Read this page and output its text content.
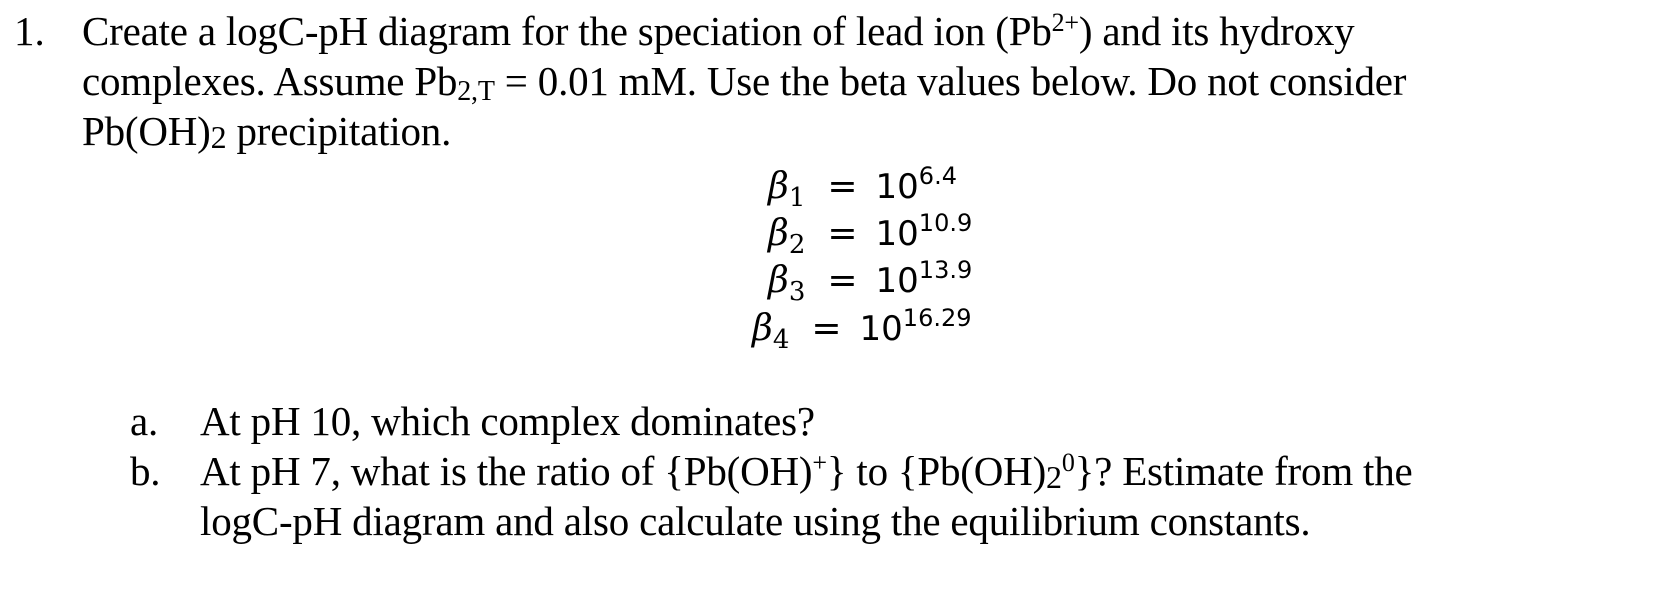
1. Create a logC-pH diagram for the speciation of lead ion $(Pb^{2+})$ and its hydroxy
complexes. Assume Pb2,T = 0.01 mM. Use the beta values below. Do not consider
Pb(OH)2 precipitation.
$\beta_1 = 10^{6.4}$
$\beta_2 = 10^{10.9}$
$\beta_3 = 10^{13.9}$
$\beta_4 = 10^{16.29}$
a. At pH 10, which complex dominates?
b. At pH 7, what is the ratio of {Pb(OH)+} to $\{Pb(OH)2^0\}$? Estimate from the
logC-pH diagram and also calculate using the equilibrium constants.
